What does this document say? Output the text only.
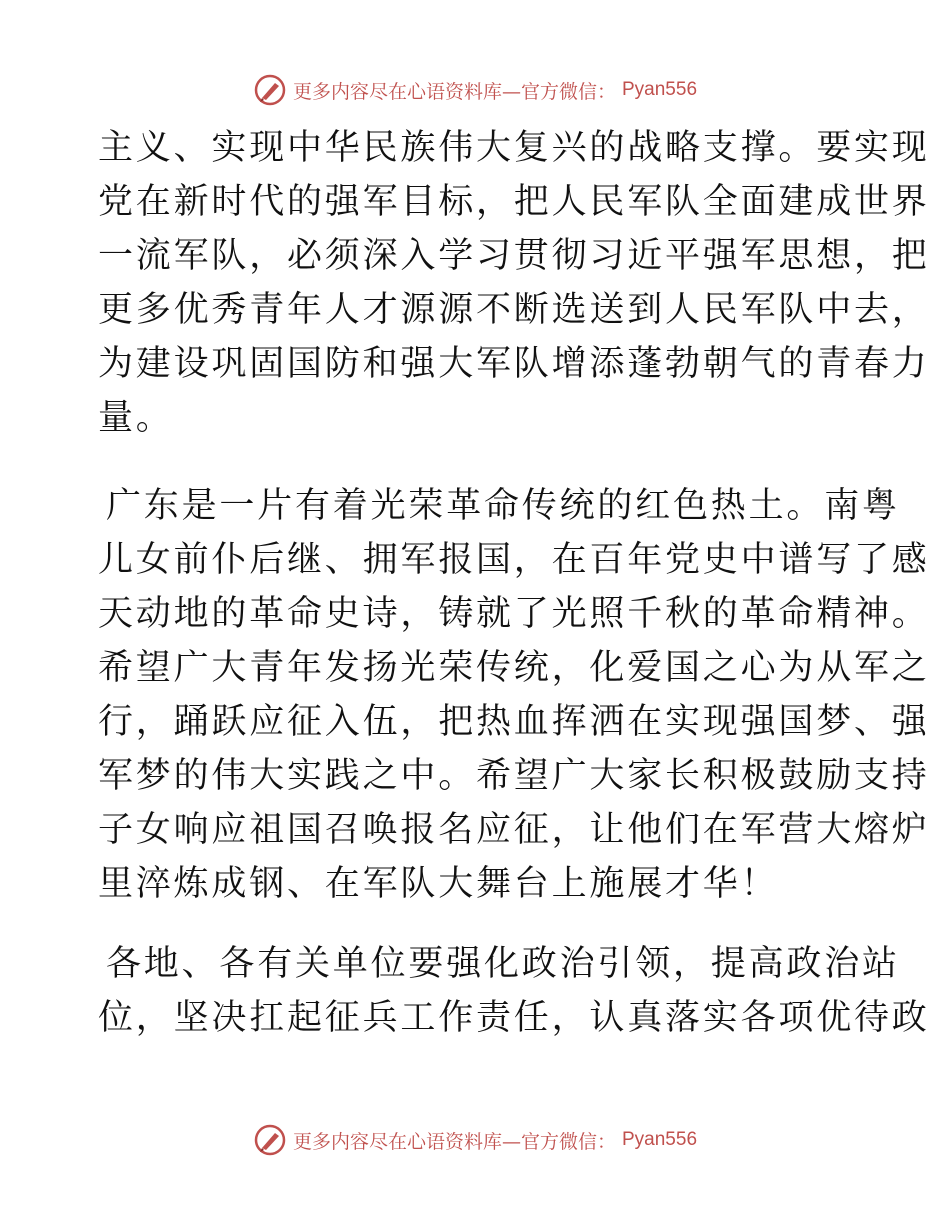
更多内容尽在心语资料库—官方微信： Pyan556
主义、实现中华民族伟大复兴的战略支撑。要实现
党在新时代的强军目标，把人民军队全面建成世界
一流军队，必须深入学习贯彻习近平强军思想，把
更多优秀青年人才源源不断选送到人民军队中去，
为建设巩固国防和强大军队增添蓬勃朝气的青春力
量。
广东是一片有着光荣革命传统的红色热土。南粤
儿女前仆后继、拥军报国，在百年党史中谱写了感
天动地的革命史诗，铸就了光照千秋的革命精神。
希望广大青年发扬光荣传统，化爱国之心为从军之
行，踊跃应征入伍，把热血挥洒在实现强国梦、强
军梦的伟大实践之中。希望广大家长积极鼓励支持
子女响应祖国召唤报名应征，让他们在军营大熔炉
里淬炼成钢、在军队大舞台上施展才华！
各地、各有关单位要强化政治引领，提高政治站
位，坚决扛起征兵工作责任，认真落实各项优待政
更多内容尽在心语资料库—官方微信： Pyan556
